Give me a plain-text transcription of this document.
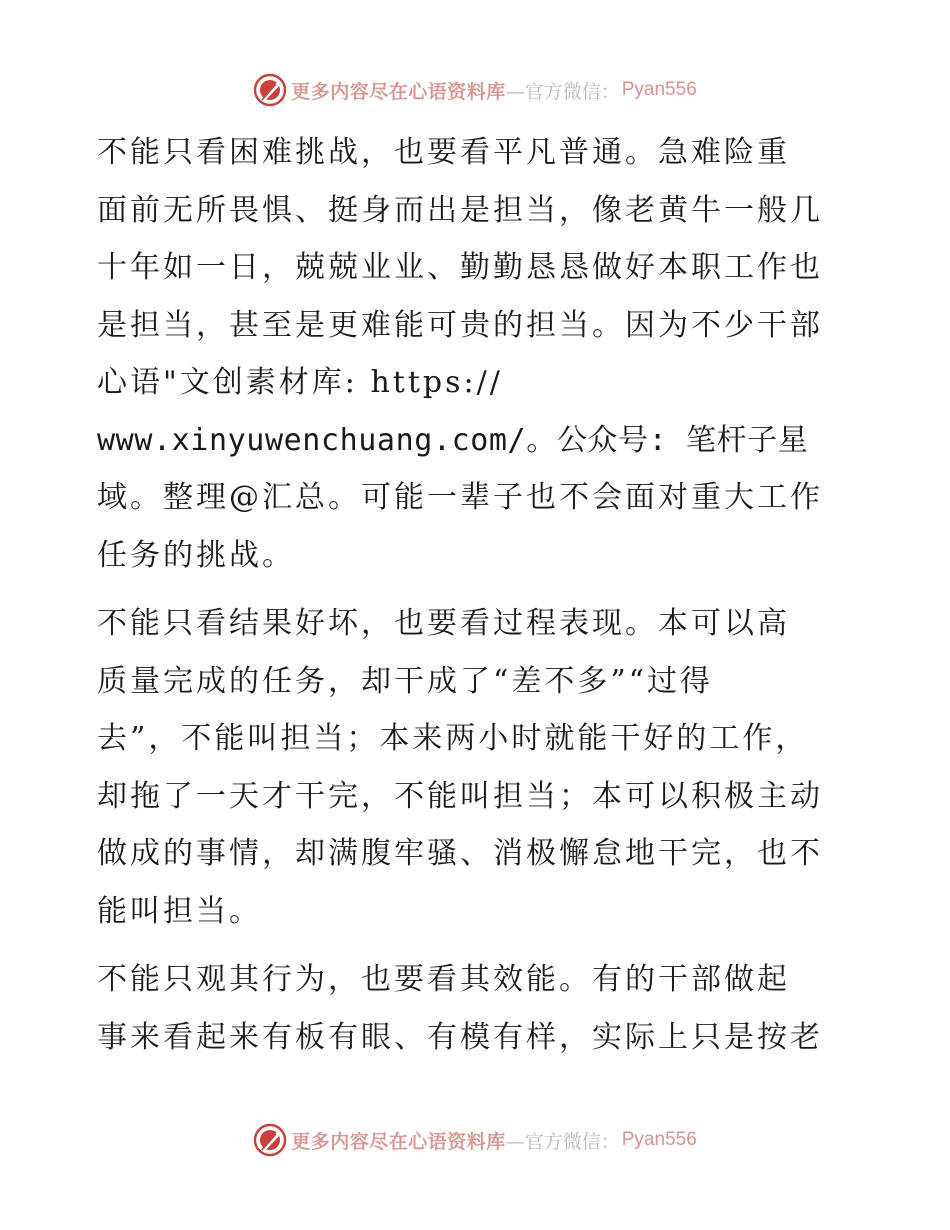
更多内容尽在心语资料库 —官方微信： Pyan556
不能只看困难挑战，也要看平凡普通。急难险重
面前无所畏惧、挺身而出是担当，像老黄牛一般几
十年如一日，兢兢业业、勤勤恳恳做好本职工作也
是担当，甚至是更难能可贵的担当。因为不少干部
心语"文创素材库: https://
www.xinyuwenchuang.com/。公众号: 笔杆子星
域。整理@汇总。可能一辈子也不会面对重大工作
任务的挑战。
不能只看结果好坏，也要看过程表现。本可以高
质量完成的任务，却干成了“差不多”“过得
去”，不能叫担当；本来两小时就能干好的工作，
却拖了一天才干完，不能叫担当；本可以积极主动
做成的事情，却满腹牢骚、消极懈怠地干完，也不
能叫担当。
不能只观其行为，也要看其效能。有的干部做起
事来看起来有板有眼、有模有样，实际上只是按老
更多内容尽在心语资料库 —官方微信： Pyan556
